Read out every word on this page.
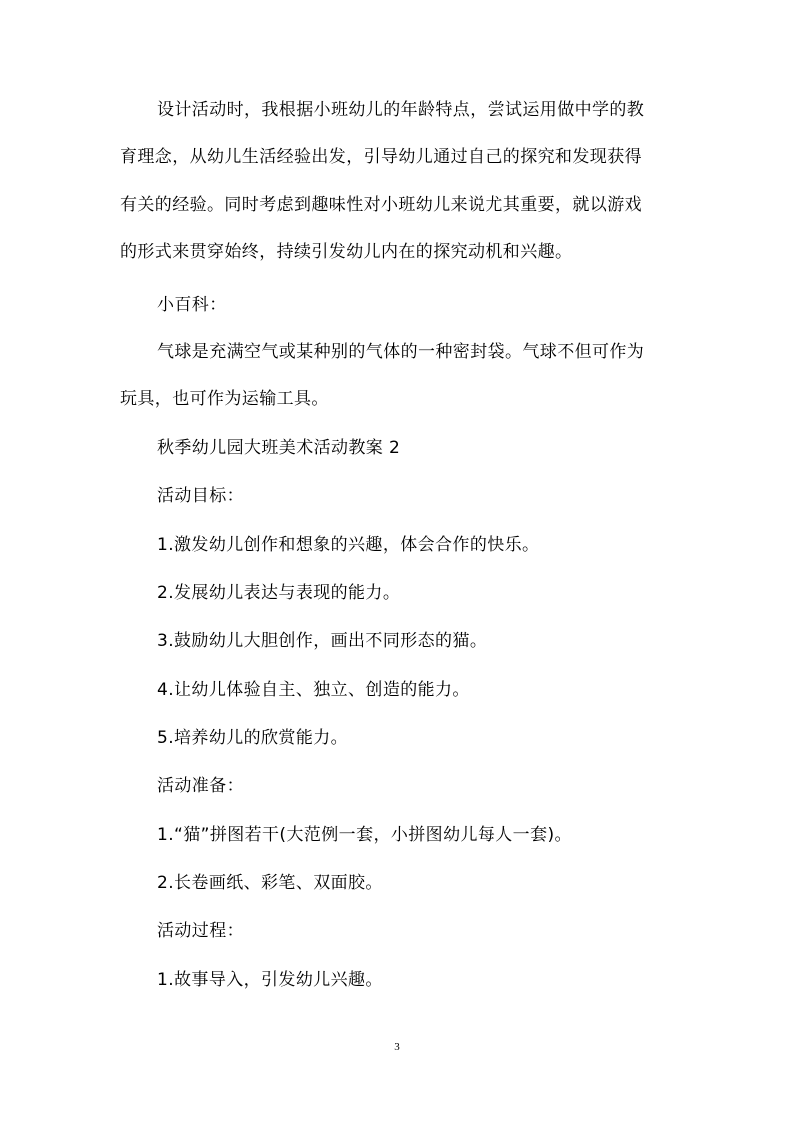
设计活动时，我根据小班幼儿的年龄特点，尝试运用做中学的教
育理念，从幼儿生活经验出发，引导幼儿通过自己的探究和发现获得
有关的经验。同时考虑到趣味性对小班幼儿来说尤其重要，就以游戏
的形式来贯穿始终，持续引发幼儿内在的探究动机和兴趣。
小百科：
气球是充满空气或某种别的气体的一种密封袋。气球不但可作为
玩具，也可作为运输工具。
秋季幼儿园大班美术活动教案 2
活动目标：
1.激发幼儿创作和想象的兴趣，体会合作的快乐。
2.发展幼儿表达与表现的能力。
3.鼓励幼儿大胆创作，画出不同形态的猫。
4.让幼儿体验自主、独立、创造的能力。
5.培养幼儿的欣赏能力。
活动准备：
1.“猫”拼图若干(大范例一套，小拼图幼儿每人一套)。
2.长卷画纸、彩笔、双面胶。
活动过程：
1.故事导入，引发幼儿兴趣。
3
